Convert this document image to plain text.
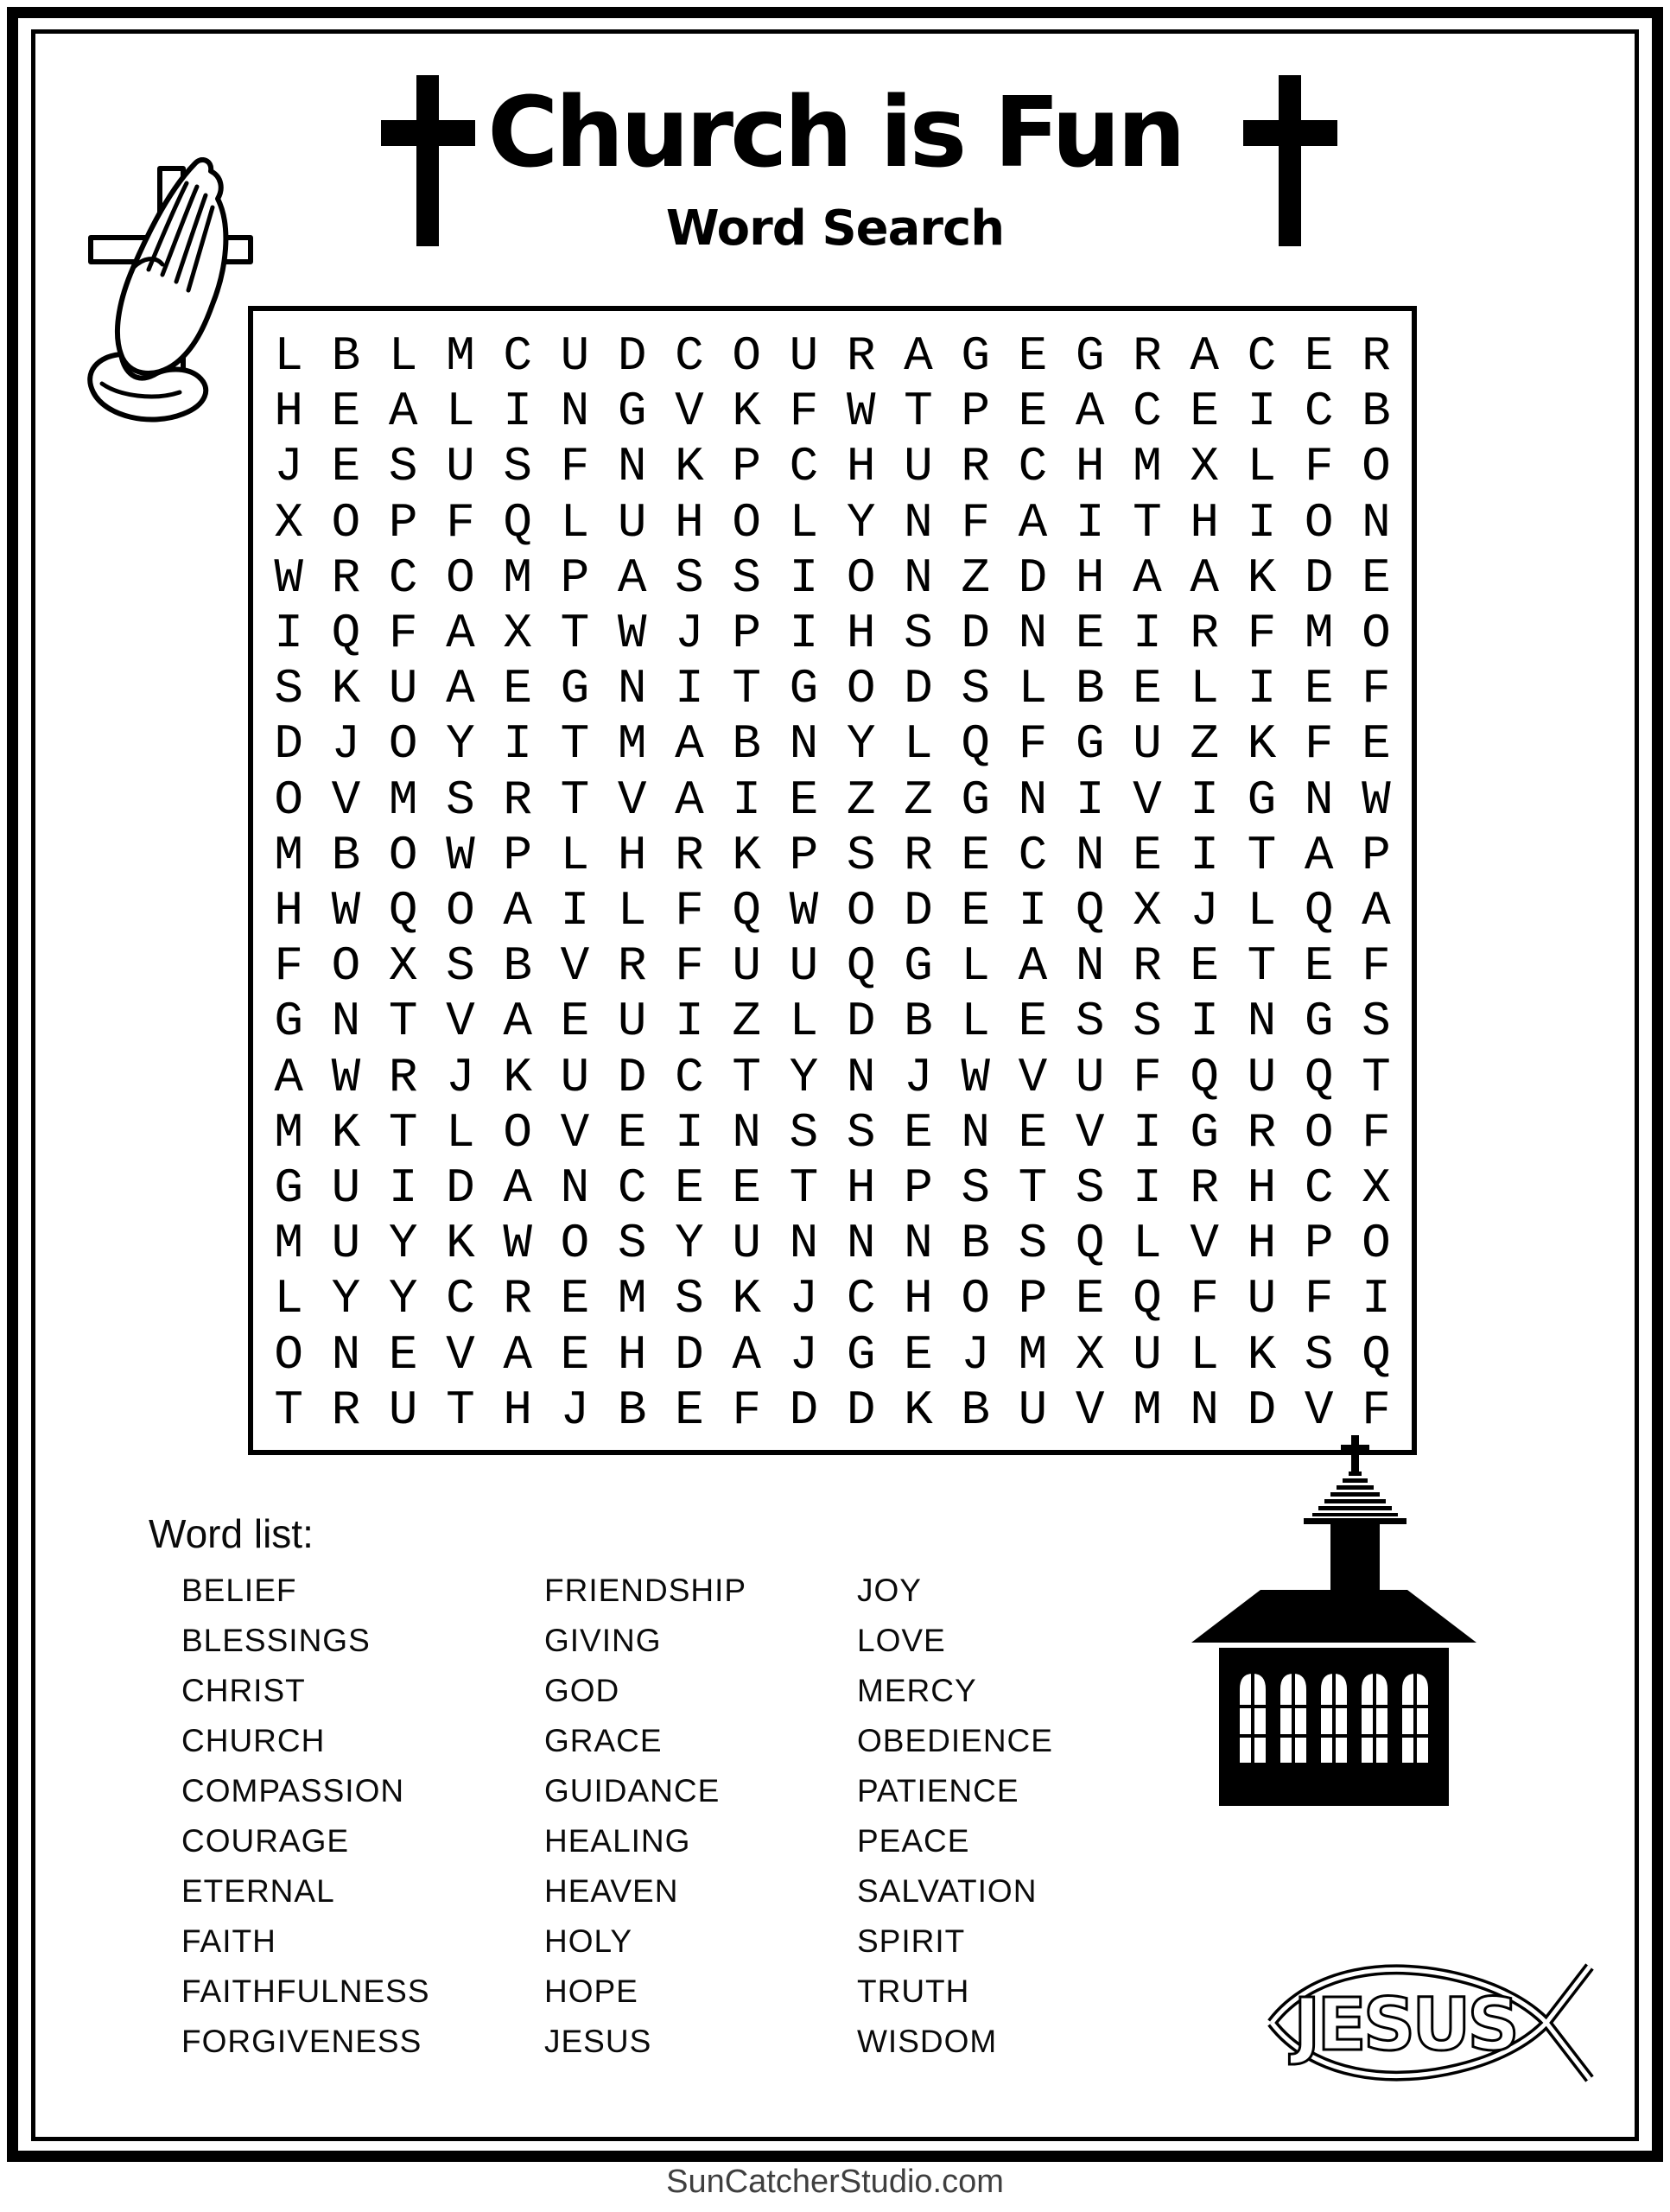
Church is Fun
Word Search
L B L M C U D C O U R A G E G R A C E R
H E A L I N G V K F W T P E A C E I C B
J E S U S F N K P C H U R C H M X L F O
X O P F Q L U H O L Y N F A I T H I O N
W R C O M P A S S I O N Z D H A A K D E
I Q F A X T W J P I H S D N E I R F M O
S K U A E G N I T G O D S L B E L I E F
D J O Y I T M A B N Y L Q F G U Z K F E
O V M S R T V A I E Z Z G N I V I G N W
M B O W P L H R K P S R E C N E I T A P
H W Q O A I L F Q W O D E I Q X J L Q A
F O X S B V R F U U Q G L A N R E T E F
G N T V A E U I Z L D B L E S S I N G S
A W R J K U D C T Y N J W V U F Q U Q T
M K T L O V E I N S S E N E V I G R O F
G U I D A N C E E T H P S T S I R H C X
M U Y K W O S Y U N N N B S Q L V H P O
L Y Y C R E M S K J C H O P E Q F U F I
O N E V A E H D A J G E J M X U L K S Q
T R U T H J B E F D D K B U V M N D V F
Word list:
BELIEF
BLESSINGS
CHRIST
CHURCH
COMPASSION
COURAGE
ETERNAL
FAITH
FAITHFULNESS
FORGIVENESS
FRIENDSHIP
GIVING
GOD
GRACE
GUIDANCE
HEALING
HEAVEN
HOLY
HOPE
JESUS
JOY
LOVE
MERCY
OBEDIENCE
PATIENCE
PEACE
SALVATION
SPIRIT
TRUTH
WISDOM	JESUS
SunCatcherStudio.com
